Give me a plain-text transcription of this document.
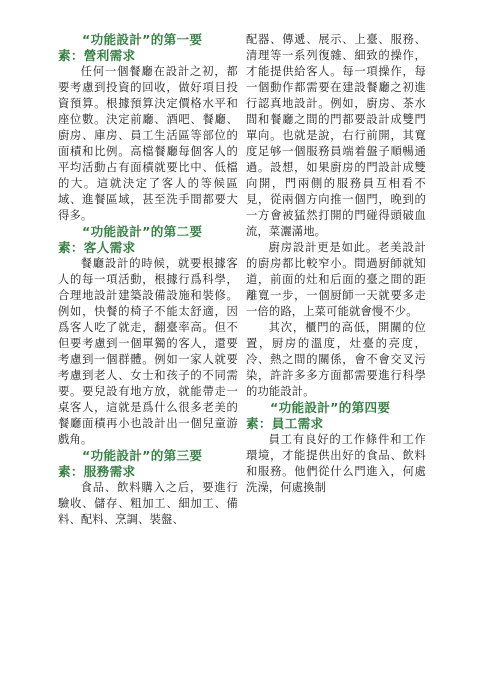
“功能設計”的第一要
素：營利需求

任何一個餐廳在設計之初，都要考慮到投資的回收，做好項目投資預算。根據預算決定價格水平和座位數。決定前廳、酒吧、餐廳、廚房、庫房、員工生活區等部位的面積和比例。高檔餐廳每個客人的平均活動占有面積就要比中、低檔的大。這就決定了客人的等候區域、進餐區域，甚至洗手間都要大得多。

“功能設計”的第二要
素：客人需求

餐廳設計的時候，就要根據客人的每一項活動，根據行爲科學，合理地設計建築設備設施和裝修。例如，快餐的椅子不能太舒適，因爲客人吃了就走，翻臺率高。但不但要考慮到一個單獨的客人，還要考慮到一個群體。例如一家人就要考慮到老人、女士和孩子的不同需要。要兒設有地方放，就能帶走一桌客人，這就是爲什么很多老美的餐廳面積再小也設計出一個兒童游戲角。

“功能設計”的第三要
素：服務需求

食品、飲料購入之后，要進行驗收、儲存、粗加工、細加工、備料、配料、烹調、裝盤、

配器、傳遞、展示、上臺、服務、清理等一系列復雜、細致的操作，才能提供給客人。每一項操作，每一個動作都需要在建設餐廳之初進行認真地設計。例如，廚房、茶水間和餐廳之間的門都要設計成雙門單向。也就是說，右行前開，其寬度足够一個服務員端着盤子順暢通過。設想，如果廚房的門設計成雙向開，門兩側的服務員互相看不見，從兩個方向推一個門，晚到的一方會被猛然打開的門碰得頭破血流，菜灑滿地。

廚房設計更是如此。老美設計的廚房都比較窄小。問過厨師就知道，前面的灶和后面的臺之間的距離寬一步，一個厨師一天就要多走一倍的路，上菜可能就會慢不少。

其次，櫃門的高低，開關的位置，厨房的溫度，灶臺的亮度，冷、熱之間的關係，會不會交叉污染，許許多多方面都需要進行科學的功能設計。

“功能設計”的第四要
素：員工需求

員工有良好的工作條件和工作環境，才能提供出好的食品、飲料和服務。他們從什么門進入，何處洗澡，何處換制
